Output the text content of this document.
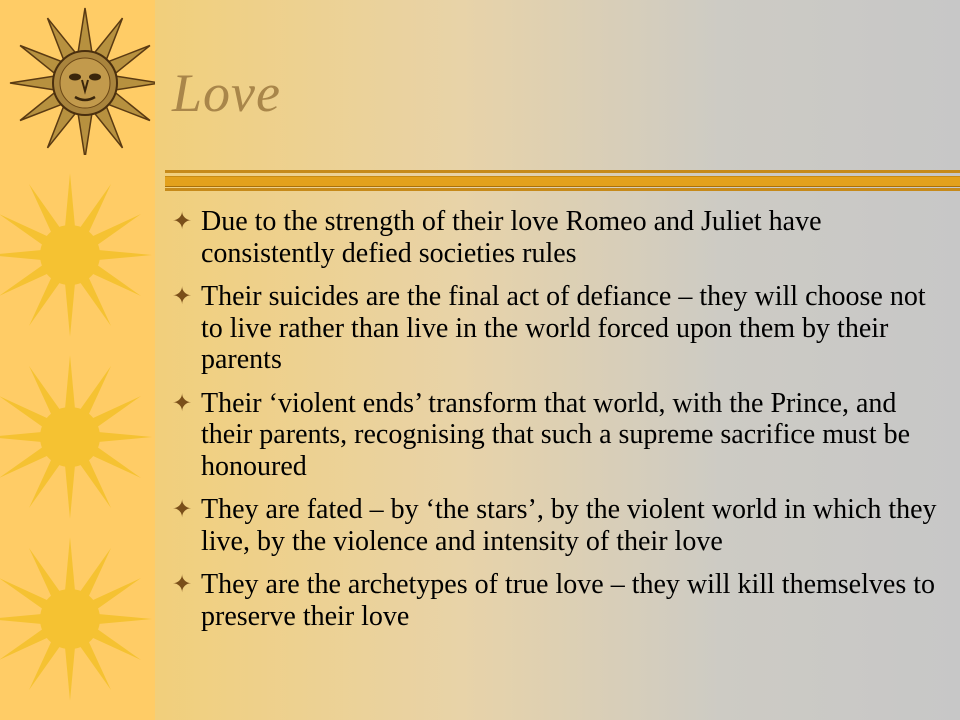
Love
✦ Due to the strength of their love Romeo and Juliet have consistently defied societies rules
✦ Their suicides are the final act of defiance – they will choose not to live rather than live in the world forced upon them by their parents
✦ Their ‘violent ends’ transform that world, with the Prince, and their parents, recognising that such a supreme sacrifice must be honoured
✦ They are fated – by ‘the stars’, by the violent world in which they live, by the violence and intensity of their love
✦ They are the archetypes of true love – they will kill themselves to preserve their love
